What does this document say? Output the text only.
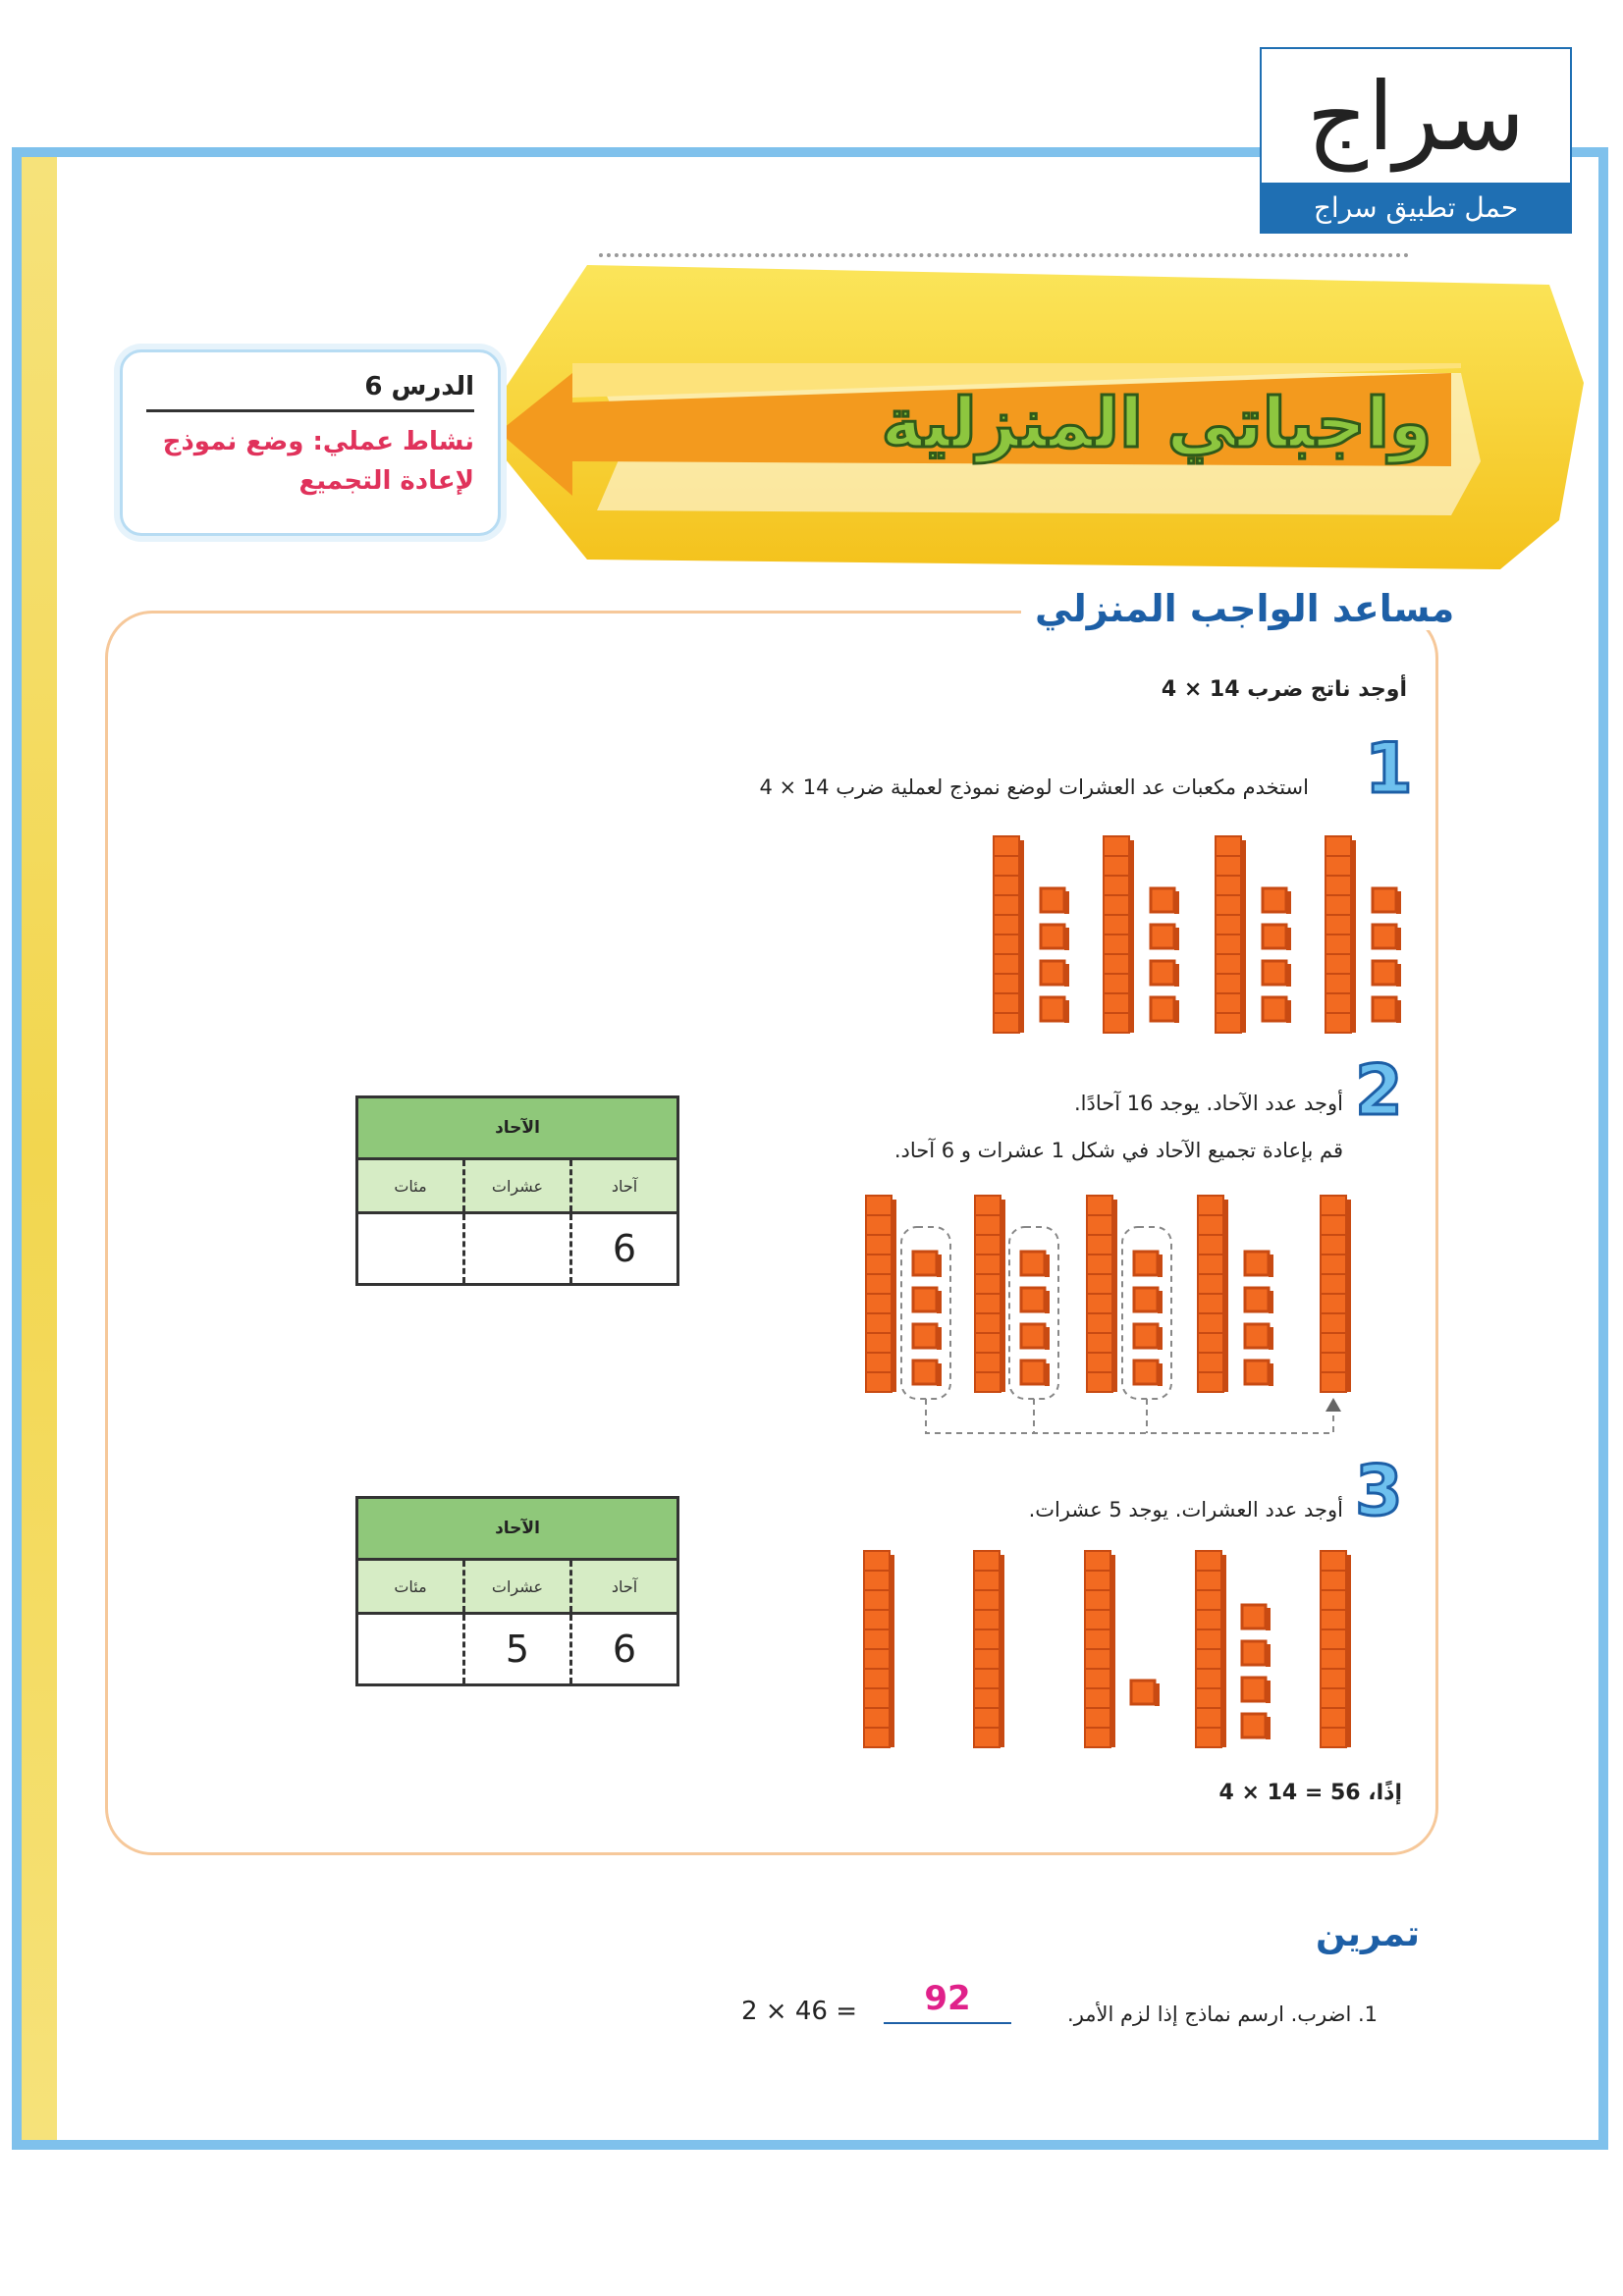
سراج
حمل تطبيق سراج
واجباتي المنزلية
الدرس 6
نشاط عملي: وضع نموذج لإعادة التجميع
مساعد الواجب المنزلي
أوجد ناتج ضرب 14 × 4
1
استخدم مكعبات عد العشرات لوضع نموذج لعملية ضرب 14 × 4
2
أوجد عدد الآحاد. يوجد 16 آحادًا.
قم بإعادة تجميع الآحاد في شكل 1 عشرات و 6 آحاد.
3
أوجد عدد العشرات. يوجد 5 عشرات.
إذًا، 56 = 14 × 4
الآحاد
آحاد
عشرات
مئات
6
الآحاد
آحاد
عشرات
مئات
6
5
تمرين
1. اضرب. ارسم نماذج إذا لزم الأمر.
92
2 × 46 =
